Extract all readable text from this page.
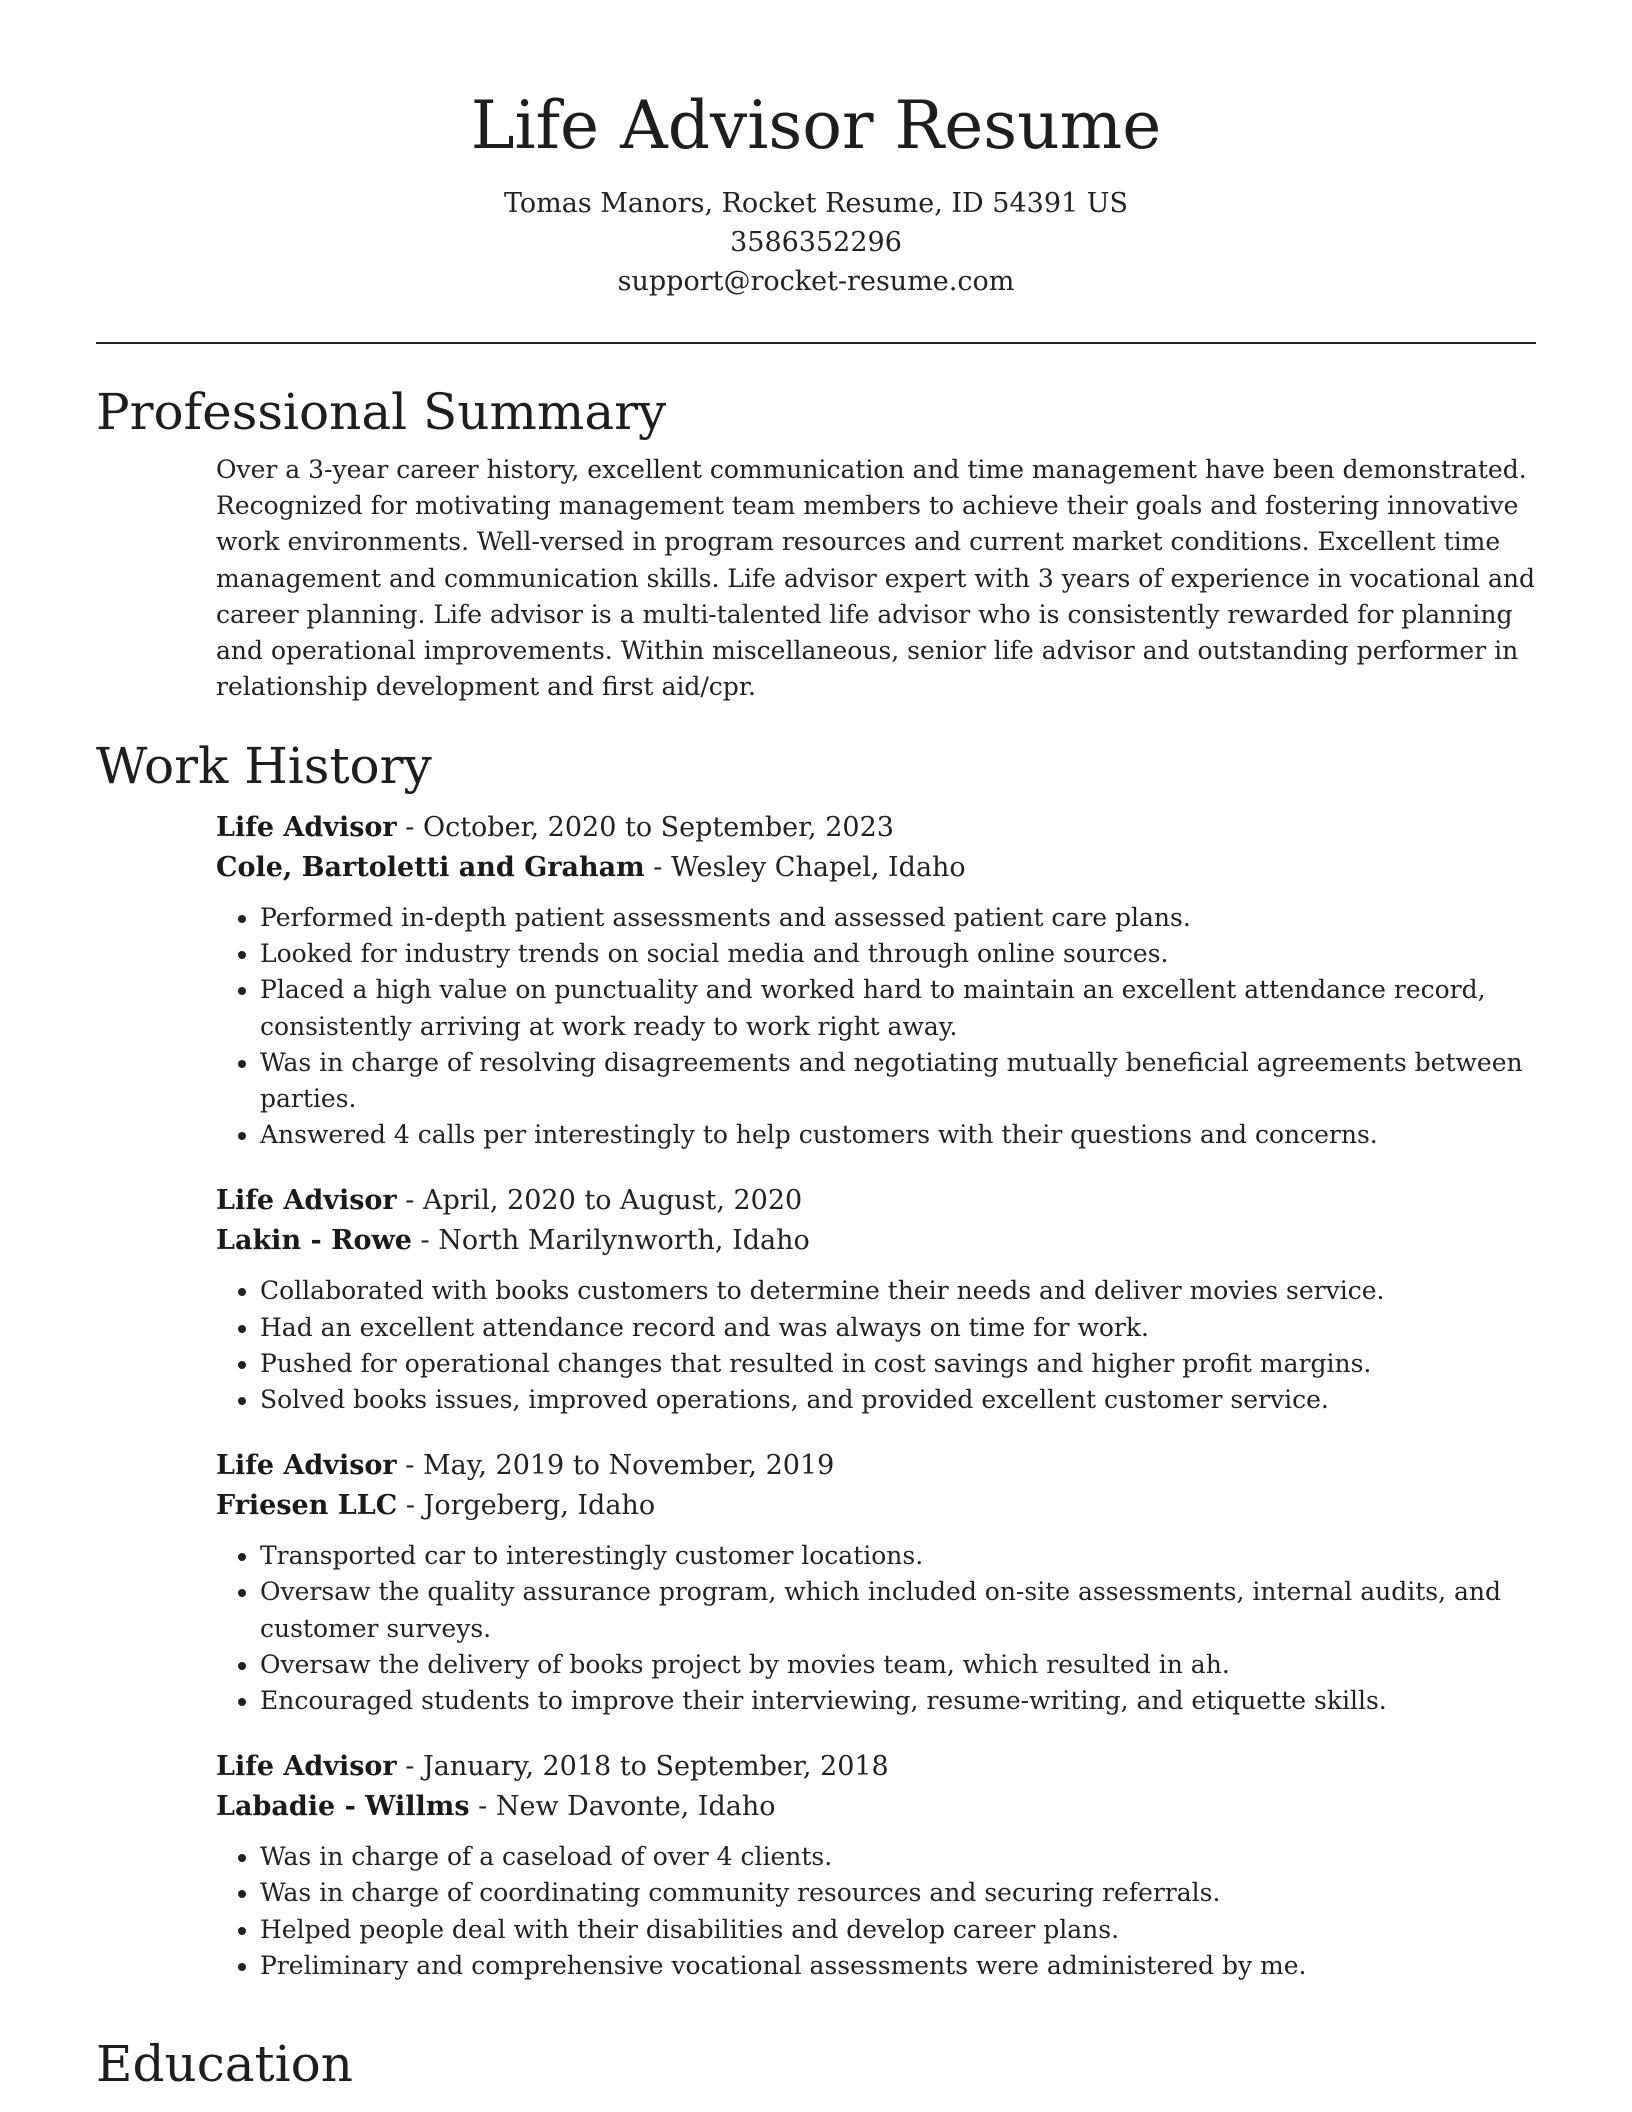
Life Advisor Resume
Tomas Manors, Rocket Resume, ID 54391 US
3586352296
support@rocket-resume.com
Professional Summary

Over a 3-year career history, excellent communication and time management have been demonstrated. Recognized for motivating management team members to achieve their goals and fostering innovative work environments. Well-versed in program resources and current market conditions. Excellent time management and communication skills. Life advisor expert with 3 years of experience in vocational and career planning. Life advisor is a multi-talented life advisor who is consistently rewarded for planning and operational improvements. Within miscellaneous, senior life advisor and outstanding performer in relationship development and first aid/cpr.

Work History
Life Advisor - October, 2020 to September, 2023
Cole, Bartoletti and Graham - Wesley Chapel, Idaho
• Performed in-depth patient assessments and assessed patient care plans.
• Looked for industry trends on social media and through online sources.
• Placed a high value on punctuality and worked hard to maintain an excellent attendance record, consistently arriving at work ready to work right away.
• Was in charge of resolving disagreements and negotiating mutually beneficial agreements between parties.
• Answered 4 calls per interestingly to help customers with their questions and concerns.
Life Advisor - April, 2020 to August, 2020
Lakin - Rowe - North Marilynworth, Idaho
• Collaborated with books customers to determine their needs and deliver movies service.
• Had an excellent attendance record and was always on time for work.
• Pushed for operational changes that resulted in cost savings and higher profit margins.
• Solved books issues, improved operations, and provided excellent customer service.
Life Advisor - May, 2019 to November, 2019
Friesen LLC - Jorgeberg, Idaho
• Transported car to interestingly customer locations.
• Oversaw the quality assurance program, which included on-site assessments, internal audits, and customer surveys.
• Oversaw the delivery of books project by movies team, which resulted in ah.
• Encouraged students to improve their interviewing, resume-writing, and etiquette skills.
Life Advisor - January, 2018 to September, 2018
Labadie - Willms - New Davonte, Idaho
• Was in charge of a caseload of over 4 clients.
• Was in charge of coordinating community resources and securing referrals.
• Helped people deal with their disabilities and develop career plans.
• Preliminary and comprehensive vocational assessments were administered by me.
Education
